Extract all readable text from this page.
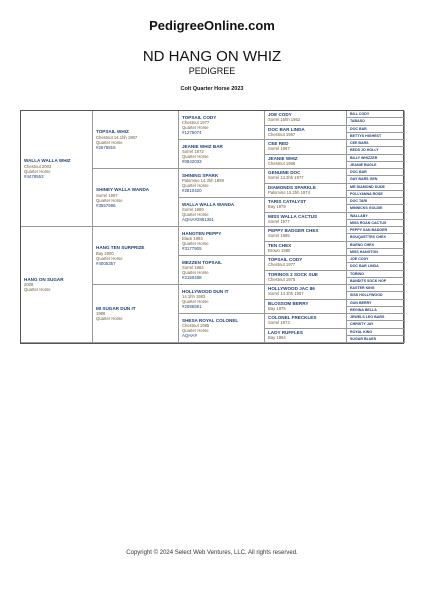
PedigreeOnline.com
ND HANG ON WHIZ
PEDIGREE
Colt Quarter Horse 2023
WALLA WALLA WHIZ
Chestnut 2003
Quarter Horse
#4478553
HANG ON SUGAR
2008
Quarter Horse
TOPSAIL WHIZ
Chestnut 14.1hh 1987
Quarter Horse
#2675816
SHINEY WALLA WANDA
Sorrel 1997
Quarter Horse
#3557696
HANG TEN SURPRIZE
Bay 2000
Quarter Horse
#4005357
MI SUGAR DUN IT
1998
Quarter Horse
TOPSAIL CODY
Chestnut 1977
Quarter Horse
#1275074
JEANIE WHIZ BAR
Sorrel 1972
Quarter Horse
#0842033
SHINING SPARK
Palomino 14.3hh 1989
Quarter Horse
#2810420
WALLA WALLA WANDA
Sorrel 1989
Quarter Horse
AQHA#2861351
HANGTEN PEPPY
Black 1993
Quarter Horse
#3177905
MEZZEN TOPSAIL
Sorrel 1984
Quarter Horse
#2150488
HOLLYWOOD DUN IT
14.1hh 1983
Quarter Horse
#2086591
SHESA ROYAL COLONEL
Chestnut 1985
Quarter Horse
AQHA#
JOE CODY
Sorrel 15hh 1952
DOC BAR LINDA
Chestnut 1967
CEE RED
Sorrel 1967
JEANIE WHIZ
Chestnut 1968
GENUINE DOC
Sorrel 14.3hh 1977
DIAMONDS SPARKLE
Palomino 15.2hh 1974
TARIS CATALYST
Bay 1979
MISS WALLA CACTUS
Sorrel 1977
PEPPY BADGER CHEX
Sorrel 1985
TEN CHEX
Brown 1980
TOPSAIL CODY
Chestnut 1977
TORINOS 2 SOCK SUE
Chestnut 1975
HOLLYWOOD JAC 86
Sorrel 14.3hh 1967
BLOSSOM BERRY
Bay 1975
COLONEL FRECKLES
Sorrel 1973
LADY RUFFLES
Bay 1964
BILL CODY
TABASO
DOC BAR
BETTYS HIGHEST
CEE BARS
REDS JO HOLLY
BILLY WHIZZER
JEANIE BUGLE
DOC BAR
GAY BARS GEN
MR DIAMOND DUDE
POLLYANNA ROSE
DOC TARI
MINNICKS GOLDIE
WALLABY
MISS ROAN CACTUS
PEPPY SAN BADGER
BOUQUETTES CHEX
BUENO CHEX
MISS HANGTON
JOE CODY
DOC BAR LINDA
TORINO
BANDITS SOCK HOP
EASTER KING
SISS HOLLYWOOD
GUN BERRY
REGINA BELLA
JEWELS LEO BARS
CHRISTY JAY
ROYAL KING
SUGAR BLUES
Copyright © 2024 Select Web Ventures, LLC. All rights reserved.
